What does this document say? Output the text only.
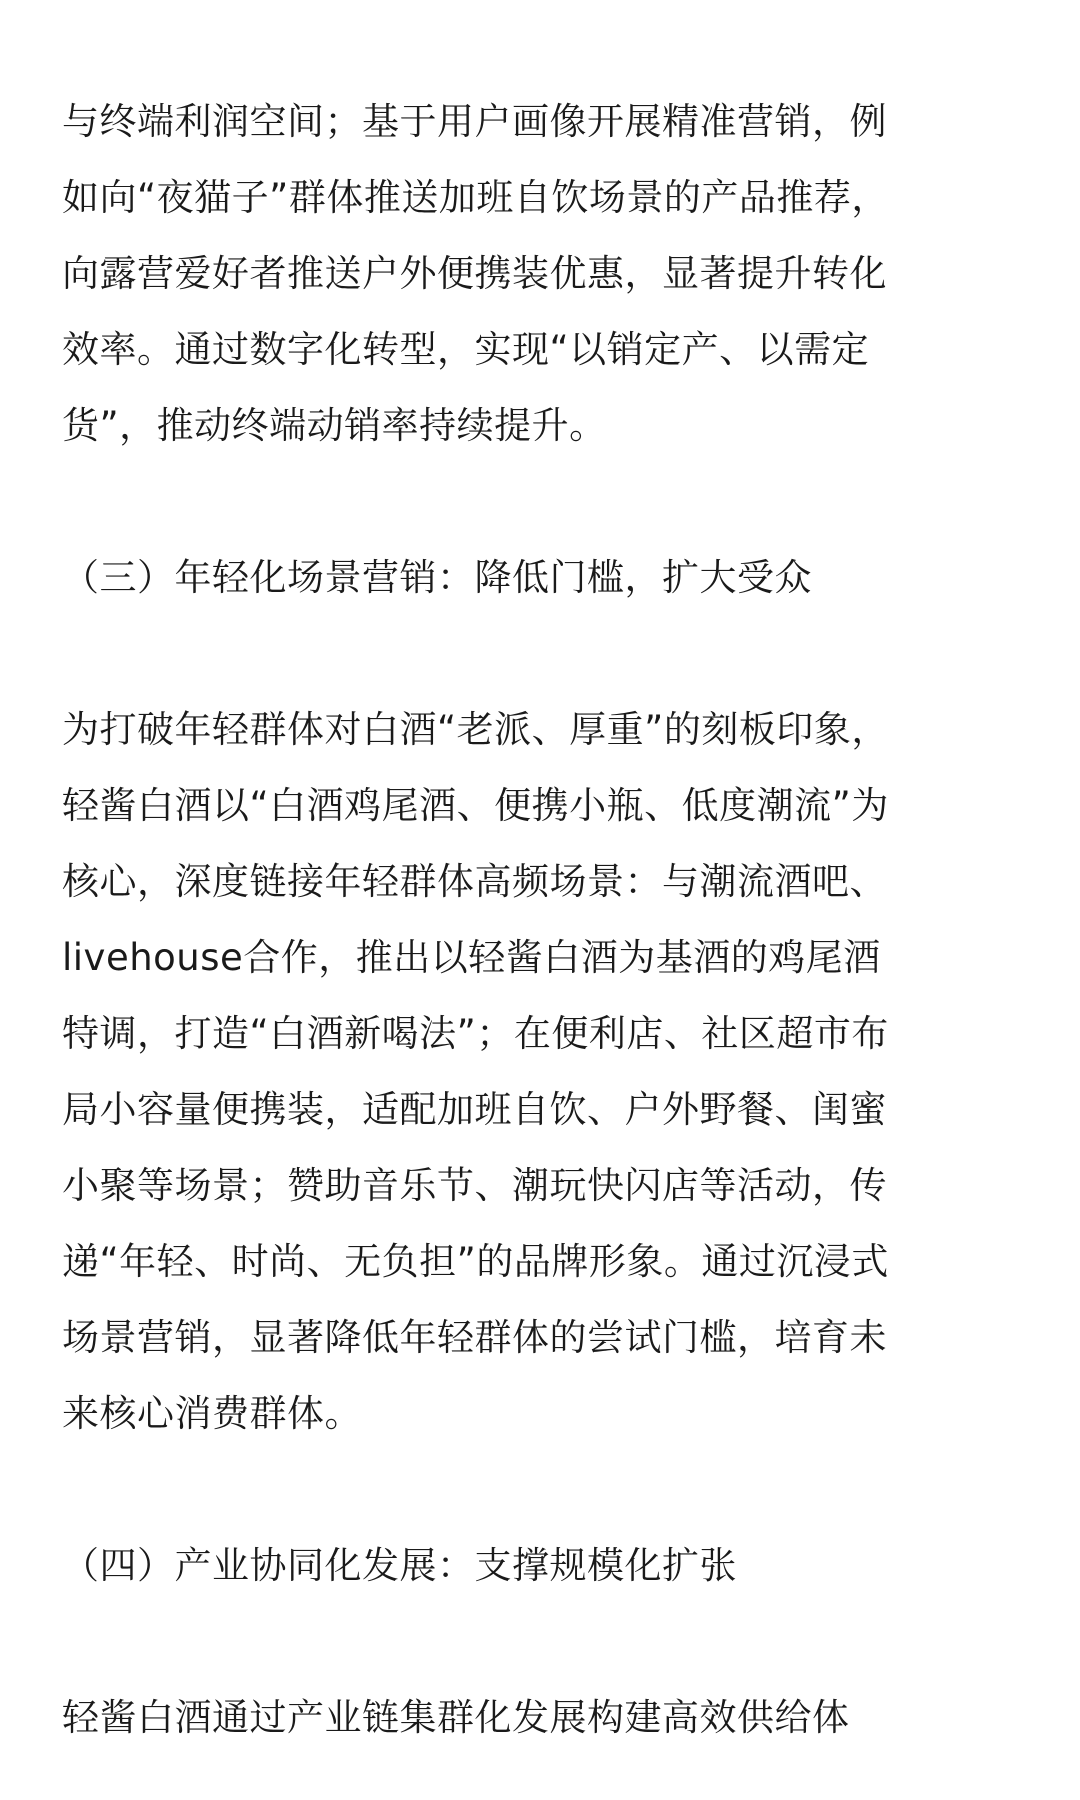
与终端利润空间；基于用户画像开展精准营销，例
如向“夜猫子”群体推送加班自饮场景的产品推荐，
向露营爱好者推送户外便携装优惠，显著提升转化
效率。通过数字化转型，实现“以销定产、以需定
货”，推动终端动销率持续提升。
（三）年轻化场景营销：降低门槛，扩大受众
为打破年轻群体对白酒“老派、厚重”的刻板印象，
轻酱白酒以“白酒鸡尾酒、便携小瓶、低度潮流”为
核心，深度链接年轻群体高频场景：与潮流酒吧、
livehouse合作，推出以轻酱白酒为基酒的鸡尾酒
特调，打造“白酒新喝法”；在便利店、社区超市布
局小容量便携装，适配加班自饮、户外野餐、闺蜜
小聚等场景；赞助音乐节、潮玩快闪店等活动，传
递“年轻、时尚、无负担”的品牌形象。通过沉浸式
场景营销，显著降低年轻群体的尝试门槛，培育未
来核心消费群体。
（四）产业协同化发展：支撑规模化扩张
轻酱白酒通过产业链集群化发展构建高效供给体
